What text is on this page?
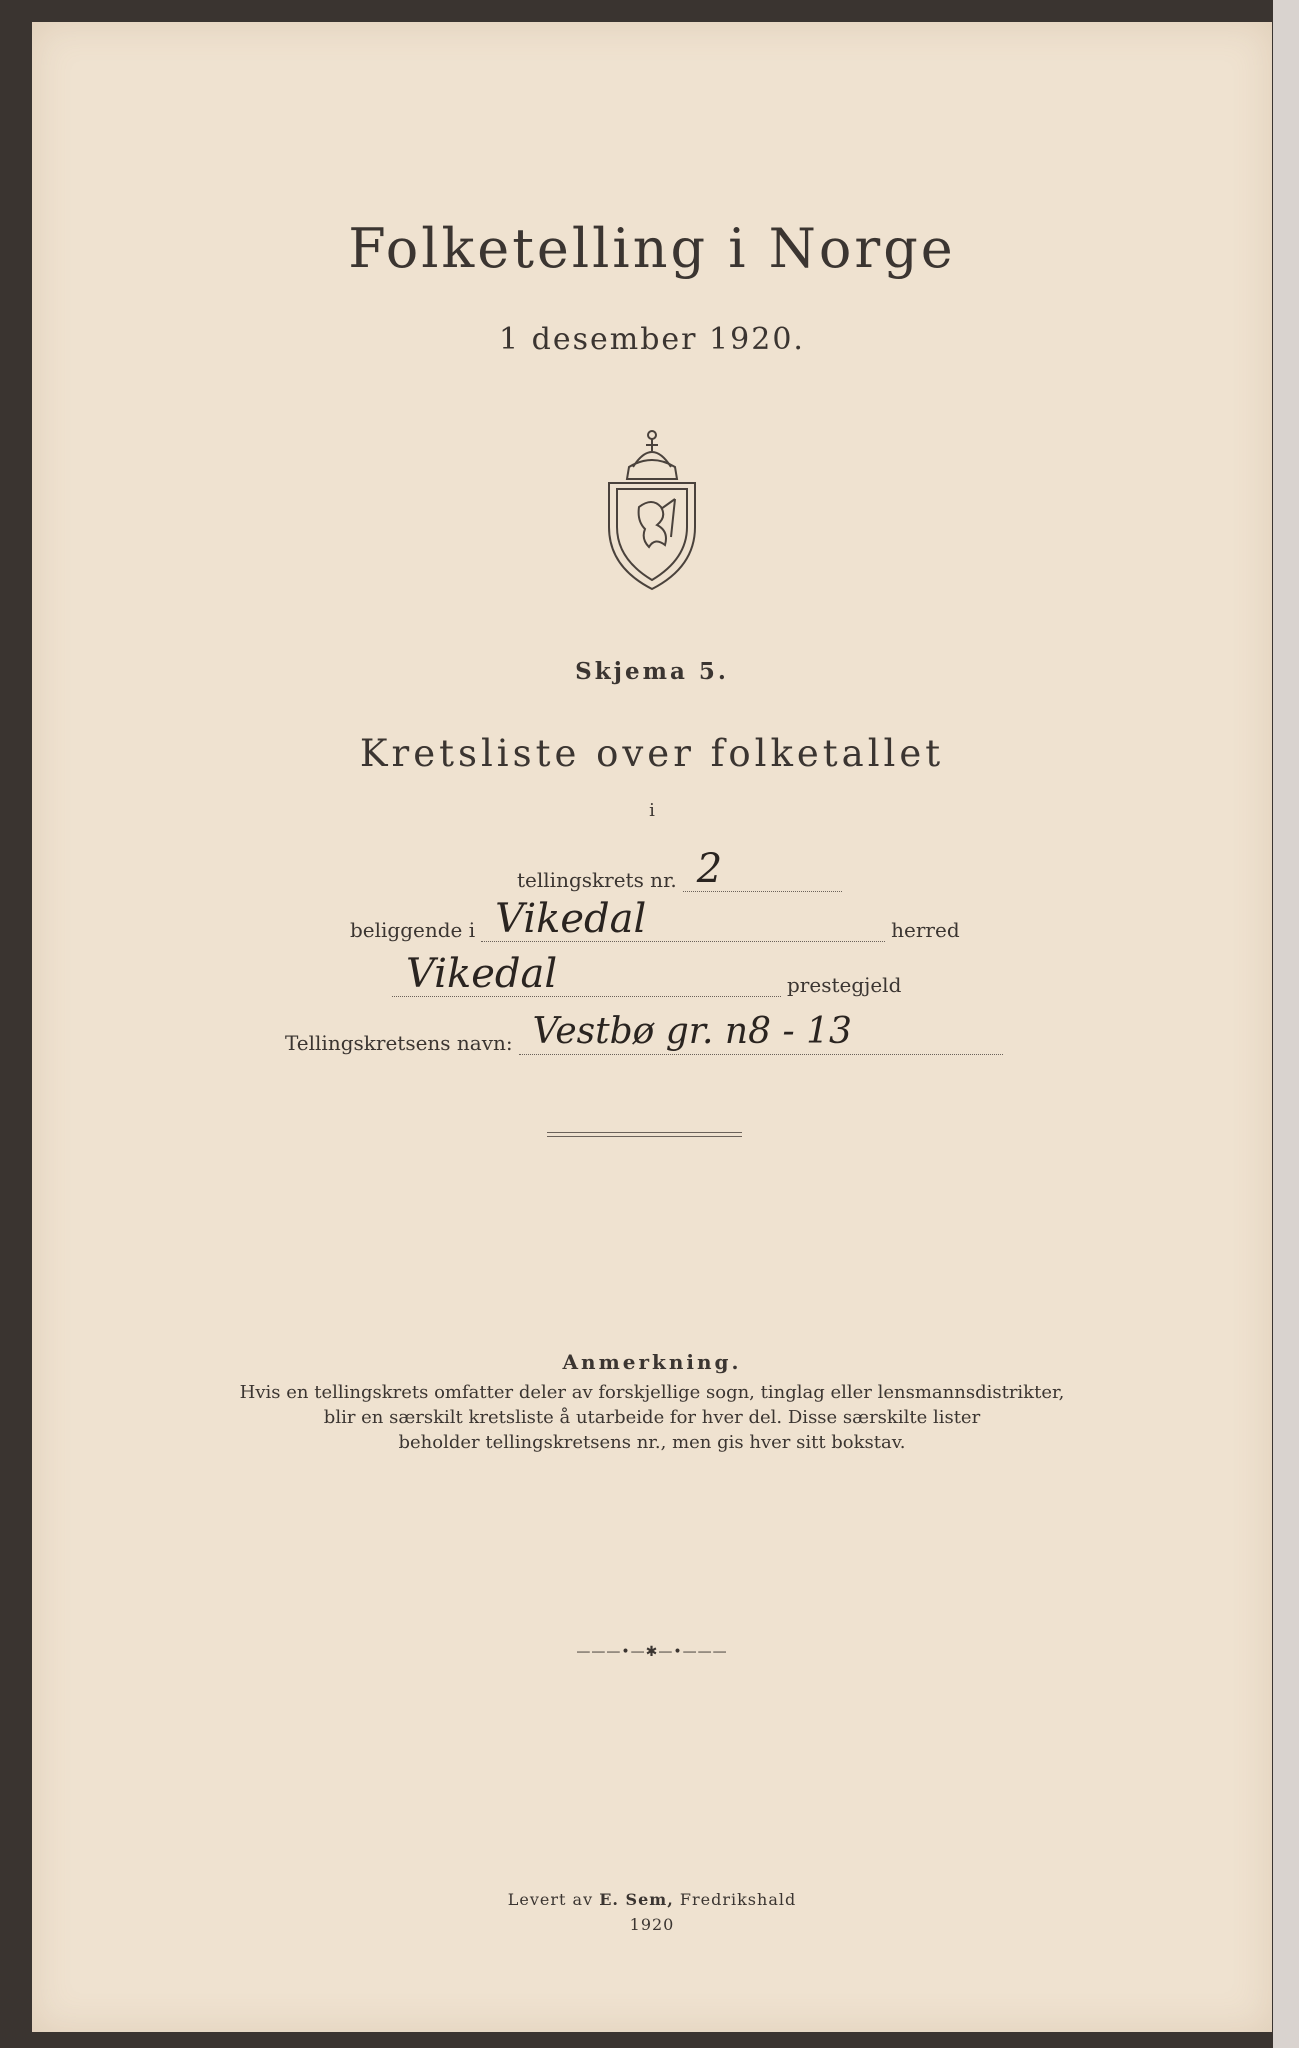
Folketelling i Norge
1 desember 1920.
Skjema 5.
Kretsliste over folketallet
i
tellingskrets nr. 2
beliggende i Vikedal	herred
Vikedal	prestegjeld
Tellingskretsens navn: Vestbø gr. n8 - 13
Anmerkning.
Hvis en tellingskrets omfatter deler av forskjellige sogn, tinglag eller lensmannsdistrikter,
blir en særskilt kretsliste å utarbeide for hver del. Disse særskilte lister
beholder tellingskretsens nr., men gis hver sitt bokstav.
———•—✱—•———
Levert av E. Sem, Fredrikshald
1920
